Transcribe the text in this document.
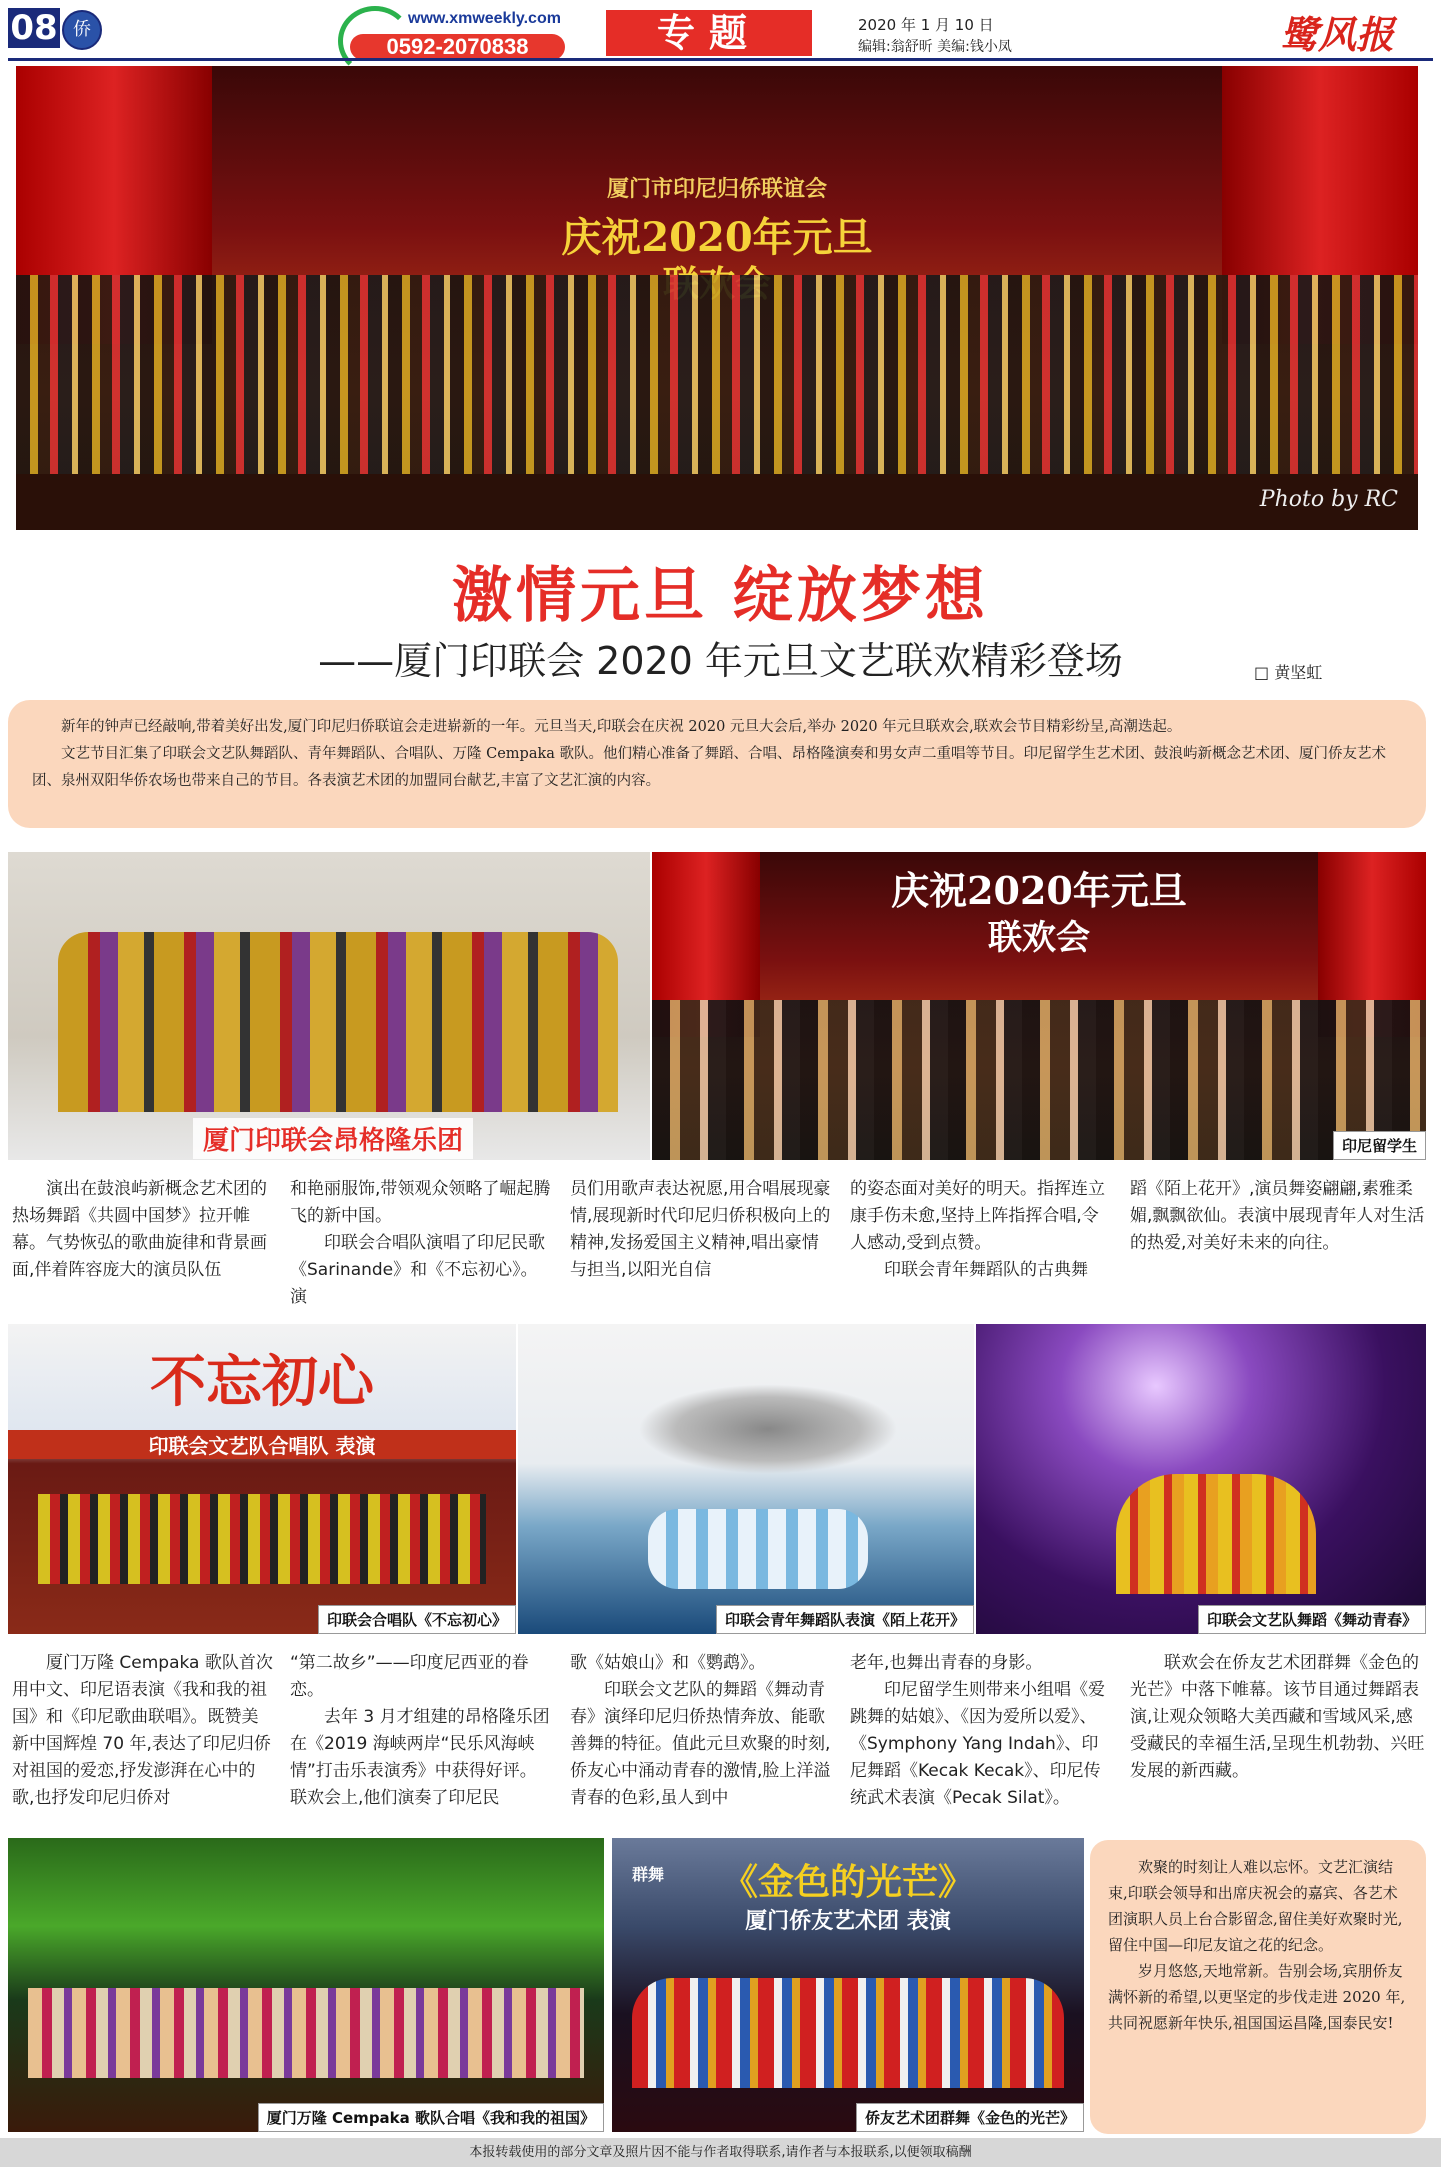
08 侨
www.xmweekly.com
0592-2070838	专题	2020 年 1 月 10 日
编辑:翁舒昕 美编:钱小凤	鹭风报
厦门市印尼归侨联谊会
庆祝2020年元旦
Photo by RC
激情元旦 绽放梦想
——厦门印联会 2020 年元旦文艺联欢精彩登场	□ 黄坚虹

新年的钟声已经敲响,带着美好出发,厦门印尼归侨联谊会走进崭新的一年。元旦当天,印联会在庆祝 2020 元旦大会后,举办 2020 年元旦联欢会,联欢会节目精彩纷呈,高潮迭起。

文艺节目汇集了印联会文艺队舞蹈队、青年舞蹈队、合唱队、万隆 Cempaka 歌队。他们精心准备了舞蹈、合唱、昂格隆演奏和男女声二重唱等节目。印尼留学生艺术团、鼓浪屿新概念艺术团、厦门侨友艺术团、泉州双阳华侨农场也带来自己的节目。各表演艺术团的加盟同台献艺,丰富了文艺汇演的内容。

厦门印联会昂格隆乐团
庆祝2020年元旦
联欢会
印尼留学生

演出在鼓浪屿新概念艺术团的热场舞蹈《共圆中国梦》拉开帷幕。气势恢弘的歌曲旋律和背景画面,伴着阵容庞大的演员队伍

和艳丽服饰,带领观众领略了崛起腾飞的新中国。

印联会合唱队演唱了印尼民歌《Sarinande》和《不忘初心》。演

员们用歌声表达祝愿,用合唱展现豪情,展现新时代印尼归侨积极向上的精神,发扬爱国主义精神,唱出豪情与担当,以阳光自信

的姿态面对美好的明天。指挥连立康手伤未愈,坚持上阵指挥合唱,令人感动,受到点赞。

印联会青年舞蹈队的古典舞

蹈《陌上花开》,演员舞姿翩翩,素雅柔媚,飘飘欲仙。表演中展现青年人对生活的热爱,对美好未来的向往。

不忘初心
印联会文艺队合唱队 表演
印联会合唱队《不忘初心》	印联会青年舞蹈队表演《陌上花开》	印联会文艺队舞蹈《舞动青春》

厦门万隆 Cempaka 歌队首次用中文、印尼语表演《我和我的祖国》和《印尼歌曲联唱》。既赞美新中国辉煌 70 年,表达了印尼归侨对祖国的爱恋,抒发澎湃在心中的歌,也抒发印尼归侨对

“第二故乡”——印度尼西亚的眷恋。

去年 3 月才组建的昂格隆乐团在《2019 海峡两岸“民乐风海峡情”打击乐表演秀》中获得好评。联欢会上,他们演奏了印尼民

歌《姑娘山》和《鹦鹉》。

印联会文艺队的舞蹈《舞动青春》演绎印尼归侨热情奔放、能歌善舞的特征。值此元旦欢聚的时刻,侨友心中涌动青春的激情,脸上洋溢青春的色彩,虽人到中

老年,也舞出青春的身影。

印尼留学生则带来小组唱《爱跳舞的姑娘》、《因为爱所以爱》、《Symphony Yang Indah》、印尼舞蹈《Kecak Kecak》、印尼传统武术表演《Pecak Silat》。

联欢会在侨友艺术团群舞《金色的光芒》中落下帷幕。该节目通过舞蹈表演,让观众领略大美西藏和雪域风采,感受藏民的幸福生活,呈现生机勃勃、兴旺发展的新西藏。

厦门万隆 Cempaka 歌队合唱《我和我的祖国》
群舞	《金色的光芒》
厦门侨友艺术团 表演
侨友艺术团群舞《金色的光芒》

欢聚的时刻让人难以忘怀。文艺汇演结束,印联会领导和出席庆祝会的嘉宾、各艺术团演职人员上台合影留念,留住美好欢聚时光,留住中国—印尼友谊之花的纪念。

岁月悠悠,天地常新。告别会场,宾朋侨友满怀新的希望,以更坚定的步伐走进 2020 年,共同祝愿新年快乐,祖国国运昌隆,国泰民安!

本报转载使用的部分文章及照片因不能与作者取得联系,请作者与本报联系,以便领取稿酬
